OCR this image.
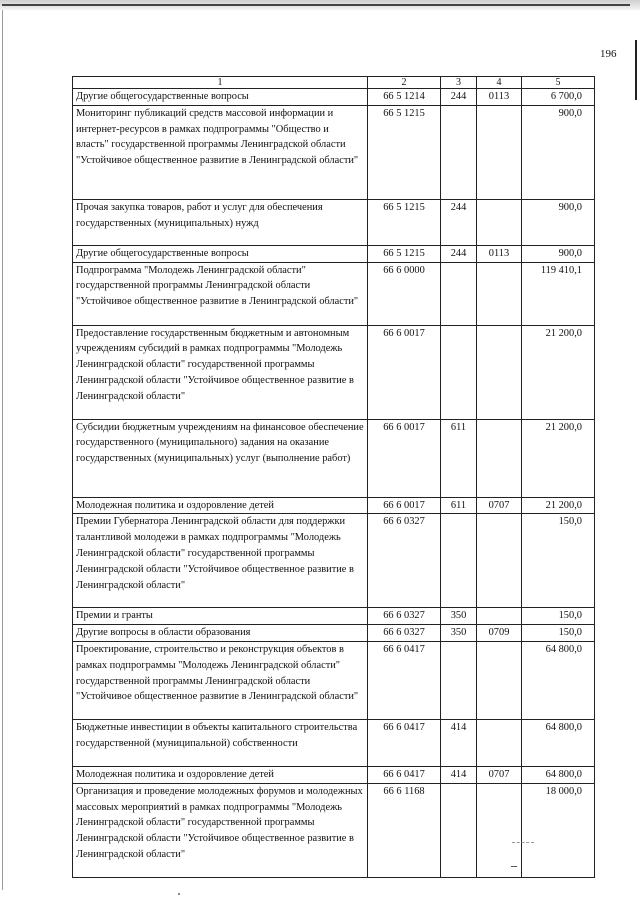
196
1	2	3	4	5
Другие общегосударственные вопросы	66 5 1214	244	0113	6 700,0
Мониторинг публикаций средств массовой информации и интернет-ресурсов в рамках подпрограммы "Общество и власть" государственной программы Ленинградской области "Устойчивое общественное развитие в Ленинградской области"	66 5 1215			900,0
Прочая закупка товаров, работ и услуг для обеспечения государственных (муниципальных) нужд	66 5 1215	244		900,0
Другие общегосударственные вопросы	66 5 1215	244	0113	900,0
Подпрограмма "Молодежь Ленинградской области" государственной программы Ленинградской области "Устойчивое общественное развитие в Ленинградской области"	66 6 0000			119 410,1
Предоставление государственным бюджетным и автономным учреждениям субсидий в рамках подпрограммы "Молодежь Ленинградской области" государственной программы Ленинградской области "Устойчивое общественное развитие в Ленинградской области"	66 6 0017			21 200,0
Субсидии бюджетным учреждениям на финансовое обеспечение государственного (муниципального) задания на оказание государственных (муниципальных) услуг (выполнение работ)	66 6 0017	611		21 200,0
Молодежная политика и оздоровление детей	66 6 0017	611	0707	21 200,0
Премии Губернатора Ленинградской области для поддержки талантливой молодежи в рамках подпрограммы "Молодежь Ленинградской области" государственной программы Ленинградской области "Устойчивое общественное развитие в Ленинградской области"	66 6 0327			150,0
Премии и гранты	66 6 0327	350		150,0
Другие вопросы в области образования	66 6 0327	350	0709	150,0
Проектирование, строительство и реконструкция объектов в рамках подпрограммы "Молодежь Ленинградской области" государственной программы Ленинградской области "Устойчивое общественное развитие в Ленинградской области"	66 6 0417			64 800,0
Бюджетные инвестиции в объекты капитального строительства государственной (муниципальной) собственности	66 6 0417	414		64 800,0
Молодежная политика и оздоровление детей	66 6 0417	414	0707	64 800,0
Организация и проведение молодежных форумов и молодежных массовых мероприятий в рамках подпрограммы "Молодежь Ленинградской области" государственной программы Ленинградской области "Устойчивое общественное развитие в Ленинградской области"	66 6 1168			18 000,0
